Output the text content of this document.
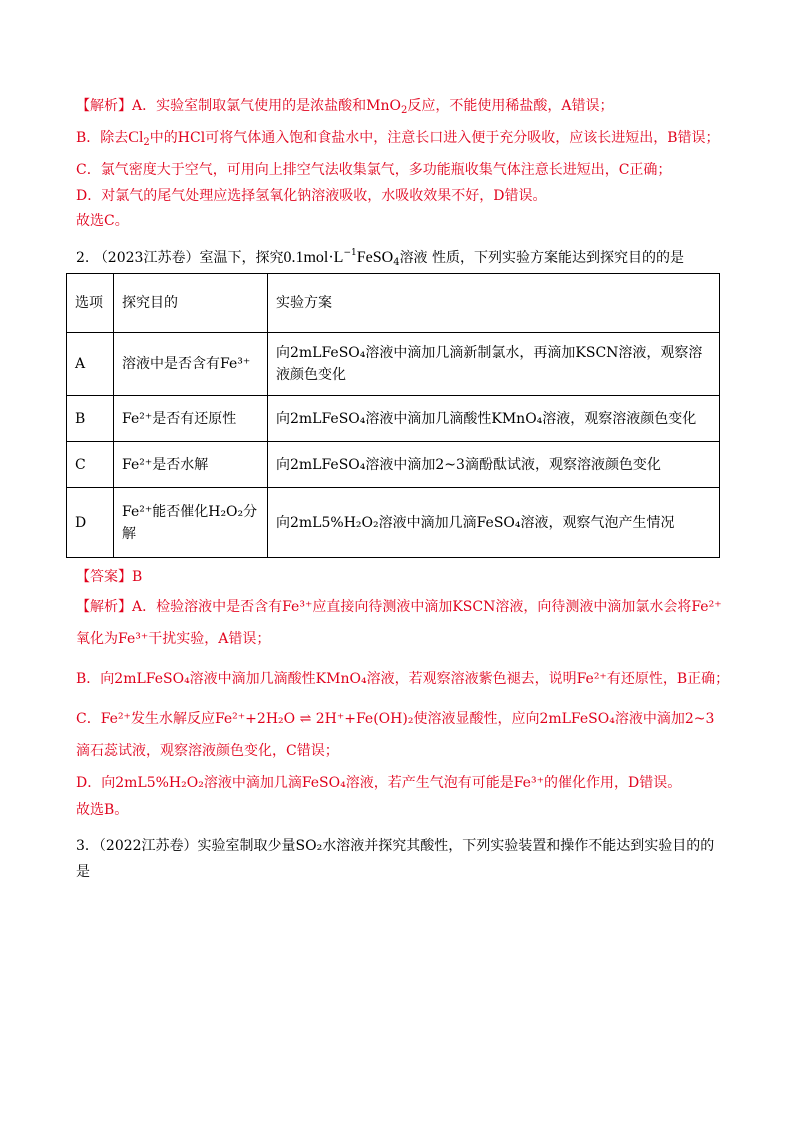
【解析】A．实验室制取氯气使用的是浓盐酸和MnO$_2$反应，不能使用稀盐酸，A错误；
B．除去$Cl_2$中的HCl可将气体通入饱和食盐水中，注意长口进入便于充分吸收，应该长进短出，B错误；
C．氯气密度大于空气，可用向上排空气法收集氯气，多功能瓶收集气体注意长进短出，C正确；
D．对氯气的尾气处理应选择氢氧化钠溶液吸收，水吸收效果不好，D错误。
故选C。
2. （2023江苏卷）室温下，探究$0.1mol\cdot L^{-1}FeSO_4$溶液 性质，下列实验方案能达到探究目的的是
选项	探究目的	实验方案
A	溶液中是否含有Fe³⁺	向2mLFeSO₄溶液中滴加几滴新制氯水，再滴加KSCN溶液，观察溶液颜色变化
B	Fe²⁺是否有还原性	向2mLFeSO₄溶液中滴加几滴酸性KMnO₄溶液，观察溶液颜色变化
C	Fe²⁺是否水解	向2mLFeSO₄溶液中滴加2~3滴酚酞试液，观察溶液颜色变化
D	Fe²⁺能否催化H₂O₂分解	向2mL5%H₂O₂溶液中滴加几滴FeSO₄溶液，观察气泡产生情况
【答案】B
【解析】A．检验溶液中是否含有Fe³⁺应直接向待测液中滴加KSCN溶液，向待测液中滴加氯水会将Fe²⁺
氧化为Fe³⁺干扰实验，A错误；
B．向2mLFeSO₄溶液中滴加几滴酸性KMnO₄溶液，若观察溶液紫色褪去，说明Fe²⁺有还原性，B正确；
C．Fe²⁺发生水解反应Fe²⁺+2H₂O ⇌ 2H⁺+Fe(OH)₂使溶液显酸性，应向2mLFeSO₄溶液中滴加2~3
滴石蕊试液，观察溶液颜色变化，C错误；
D．向2mL5%H₂O₂溶液中滴加几滴FeSO₄溶液，若产生气泡有可能是Fe³⁺的催化作用，D错误。
故选B。
3．（2022江苏卷）实验室制取少量SO₂水溶液并探究其酸性，下列实验装置和操作不能达到实验目的的
是
